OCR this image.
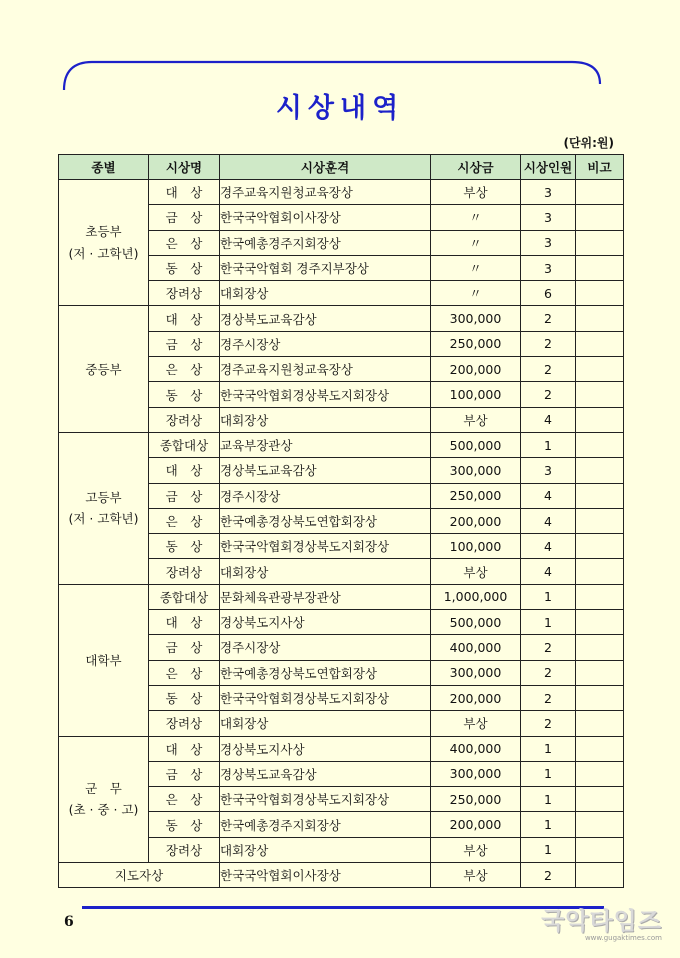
시상내역
(단위:원)
종별	시상명	시상훈격	시상금	시상인원	비고

초등부
(저 · 고학년)	대　상	경주교육지원청교육장상	부상	3	
	금　상	한국국악협회이사장상	〃	3	
	은　상	한국예총경주지회장상	〃	3	
	동　상	한국국악협회 경주지부장상	〃	3	
	장려상	대회장상	〃	6	

중등부	대　상	경상북도교육감상	300,000	2	
	금　상	경주시장상	250,000	2	
	은　상	경주교육지원청교육장상	200,000	2	
	동　상	한국국악협회경상북도지회장상	100,000	2	
	장려상	대회장상	부상	4	

고등부
(저 · 고학년)	종합대상	교육부장관상	500,000	1	
	대　상	경상북도교육감상	300,000	3	
	금　상	경주시장상	250,000	4	
	은　상	한국예총경상북도연합회장상	200,000	4	
	동　상	한국국악협회경상북도지회장상	100,000	4	
	장려상	대회장상	부상	4	

대학부	종합대상	문화체육관광부장관상	1,000,000	1	
	대　상	경상북도지사상	500,000	1	
	금　상	경주시장상	400,000	2	
	은　상	한국예총경상북도연합회장상	300,000	2	
	동　상	한국국악협회경상북도지회장상	200,000	2	
	장려상	대회장상	부상	2	

군　무
(초 · 중 · 고)	대　상	경상북도지사상	400,000	1	
	금　상	경상북도교육감상	300,000	1	
	은　상	한국국악협회경상북도지회장상	250,000	1	
	동　상	한국예총경주지회장상	200,000	1	
	장려상	대회장상	부상	1	
지도자상		한국국악협회이사장상	부상	2	
6	국악타임즈
www.gugaktimes.com
